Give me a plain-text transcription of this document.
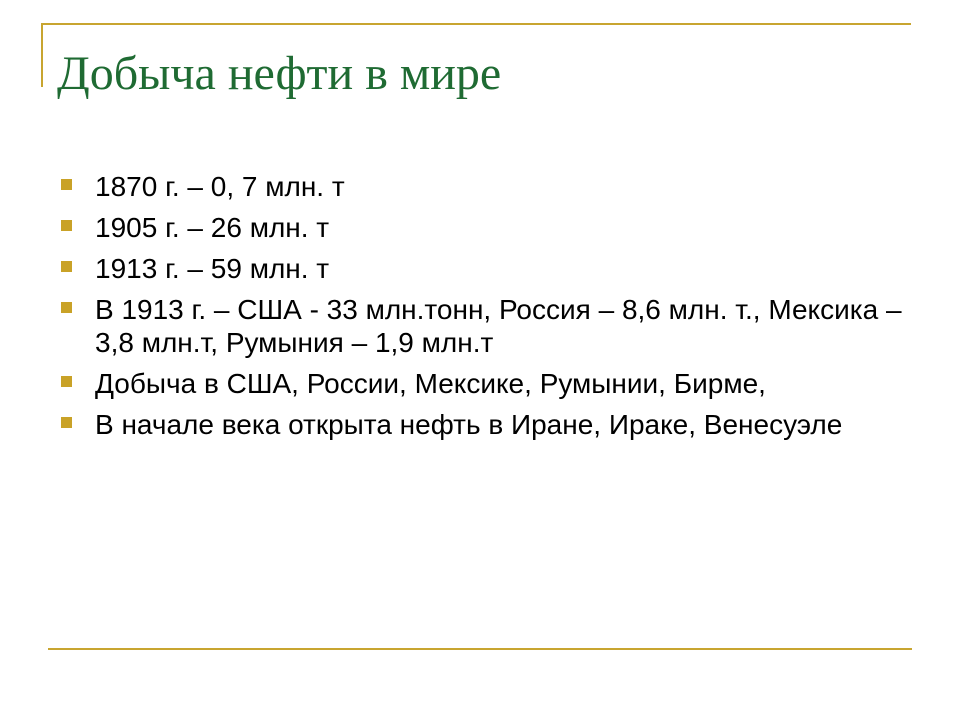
Добыча нефти в мире
1870 г. – 0, 7 млн. т
1905 г. – 26 млн. т
1913 г. – 59 млн. т
В 1913 г. – США - 33 млн.тонн, Россия – 8,6 млн. т., Мексика – 3,8 млн.т, Румыния – 1,9 млн.т
Добыча в США, России, Мексике, Румынии, Бирме,
В начале века открыта нефть в Иране, Ираке, Венесуэле
